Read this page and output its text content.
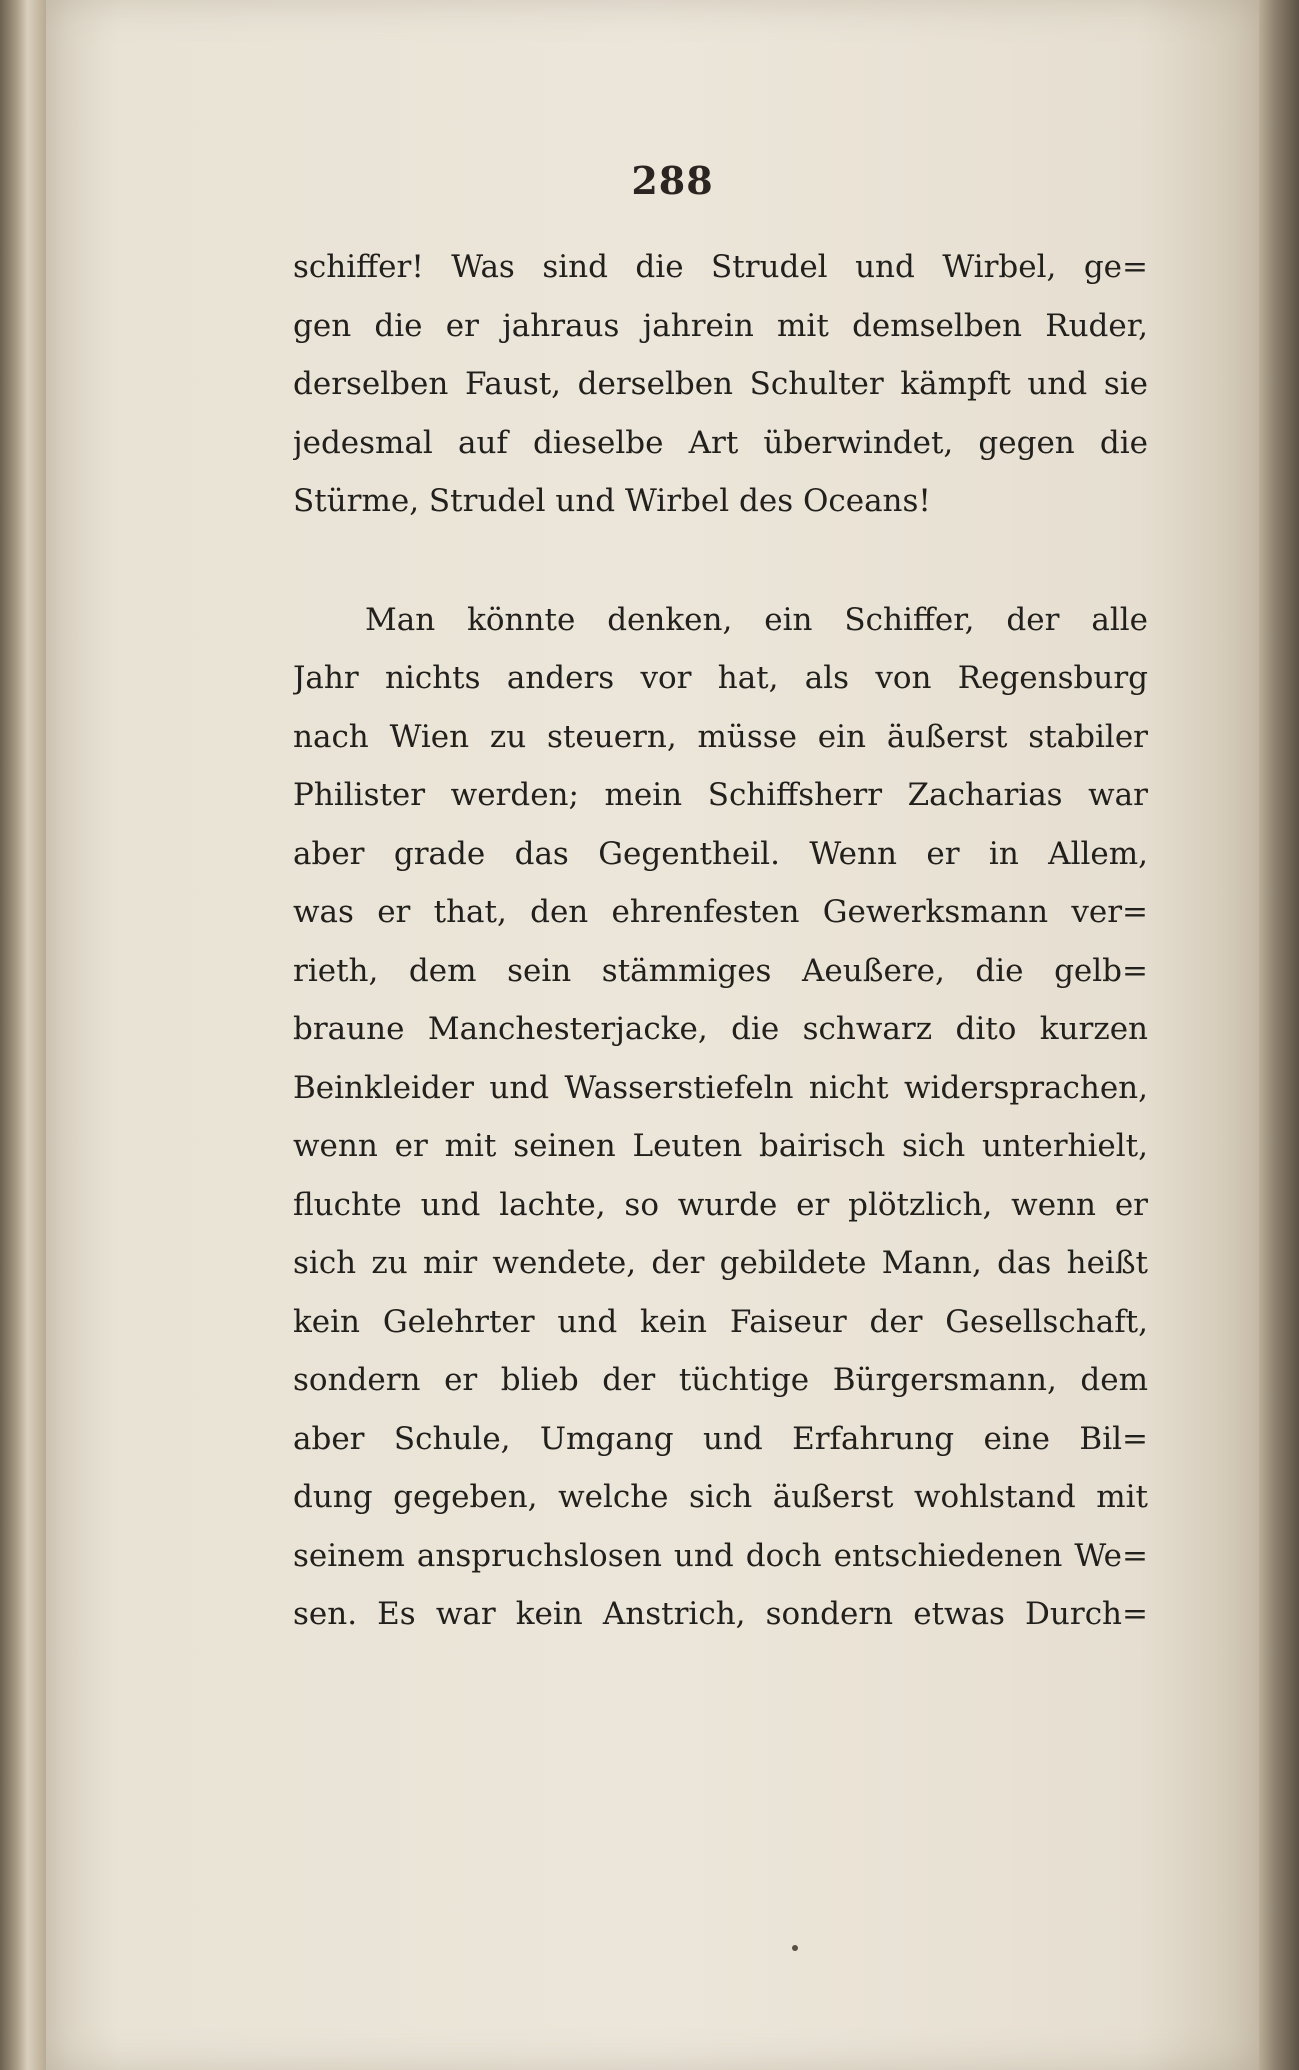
288
schiffer! Was sind die Strudel und Wirbel, ge=
gen die er jahraus jahrein mit demselben Ruder,
derselben Faust, derselben Schulter kämpft und sie
jedesmal auf dieselbe Art überwindet, gegen die
Stürme, Strudel und Wirbel des Oceans!
Man könnte denken, ein Schiffer, der alle
Jahr nichts anders vor hat, als von Regensburg
nach Wien zu steuern, müsse ein äußerst stabiler
Philister werden; mein Schiffsherr Zacharias war
aber grade das Gegentheil. Wenn er in Allem,
was er that, den ehrenfesten Gewerksmann ver=
rieth, dem sein stämmiges Aeußere, die gelb=
braune Manchesterjacke, die schwarz dito kurzen
Beinkleider und Wasserstiefeln nicht widersprachen,
wenn er mit seinen Leuten bairisch sich unterhielt,
fluchte und lachte, so wurde er plötzlich, wenn er
sich zu mir wendete, der gebildete Mann, das heißt
kein Gelehrter und kein Faiseur der Gesellschaft,
sondern er blieb der tüchtige Bürgersmann, dem
aber Schule, Umgang und Erfahrung eine Bil=
dung gegeben, welche sich äußerst wohlstand mit
seinem anspruchslosen und doch entschiedenen We=
sen. Es war kein Anstrich, sondern etwas Durch=
